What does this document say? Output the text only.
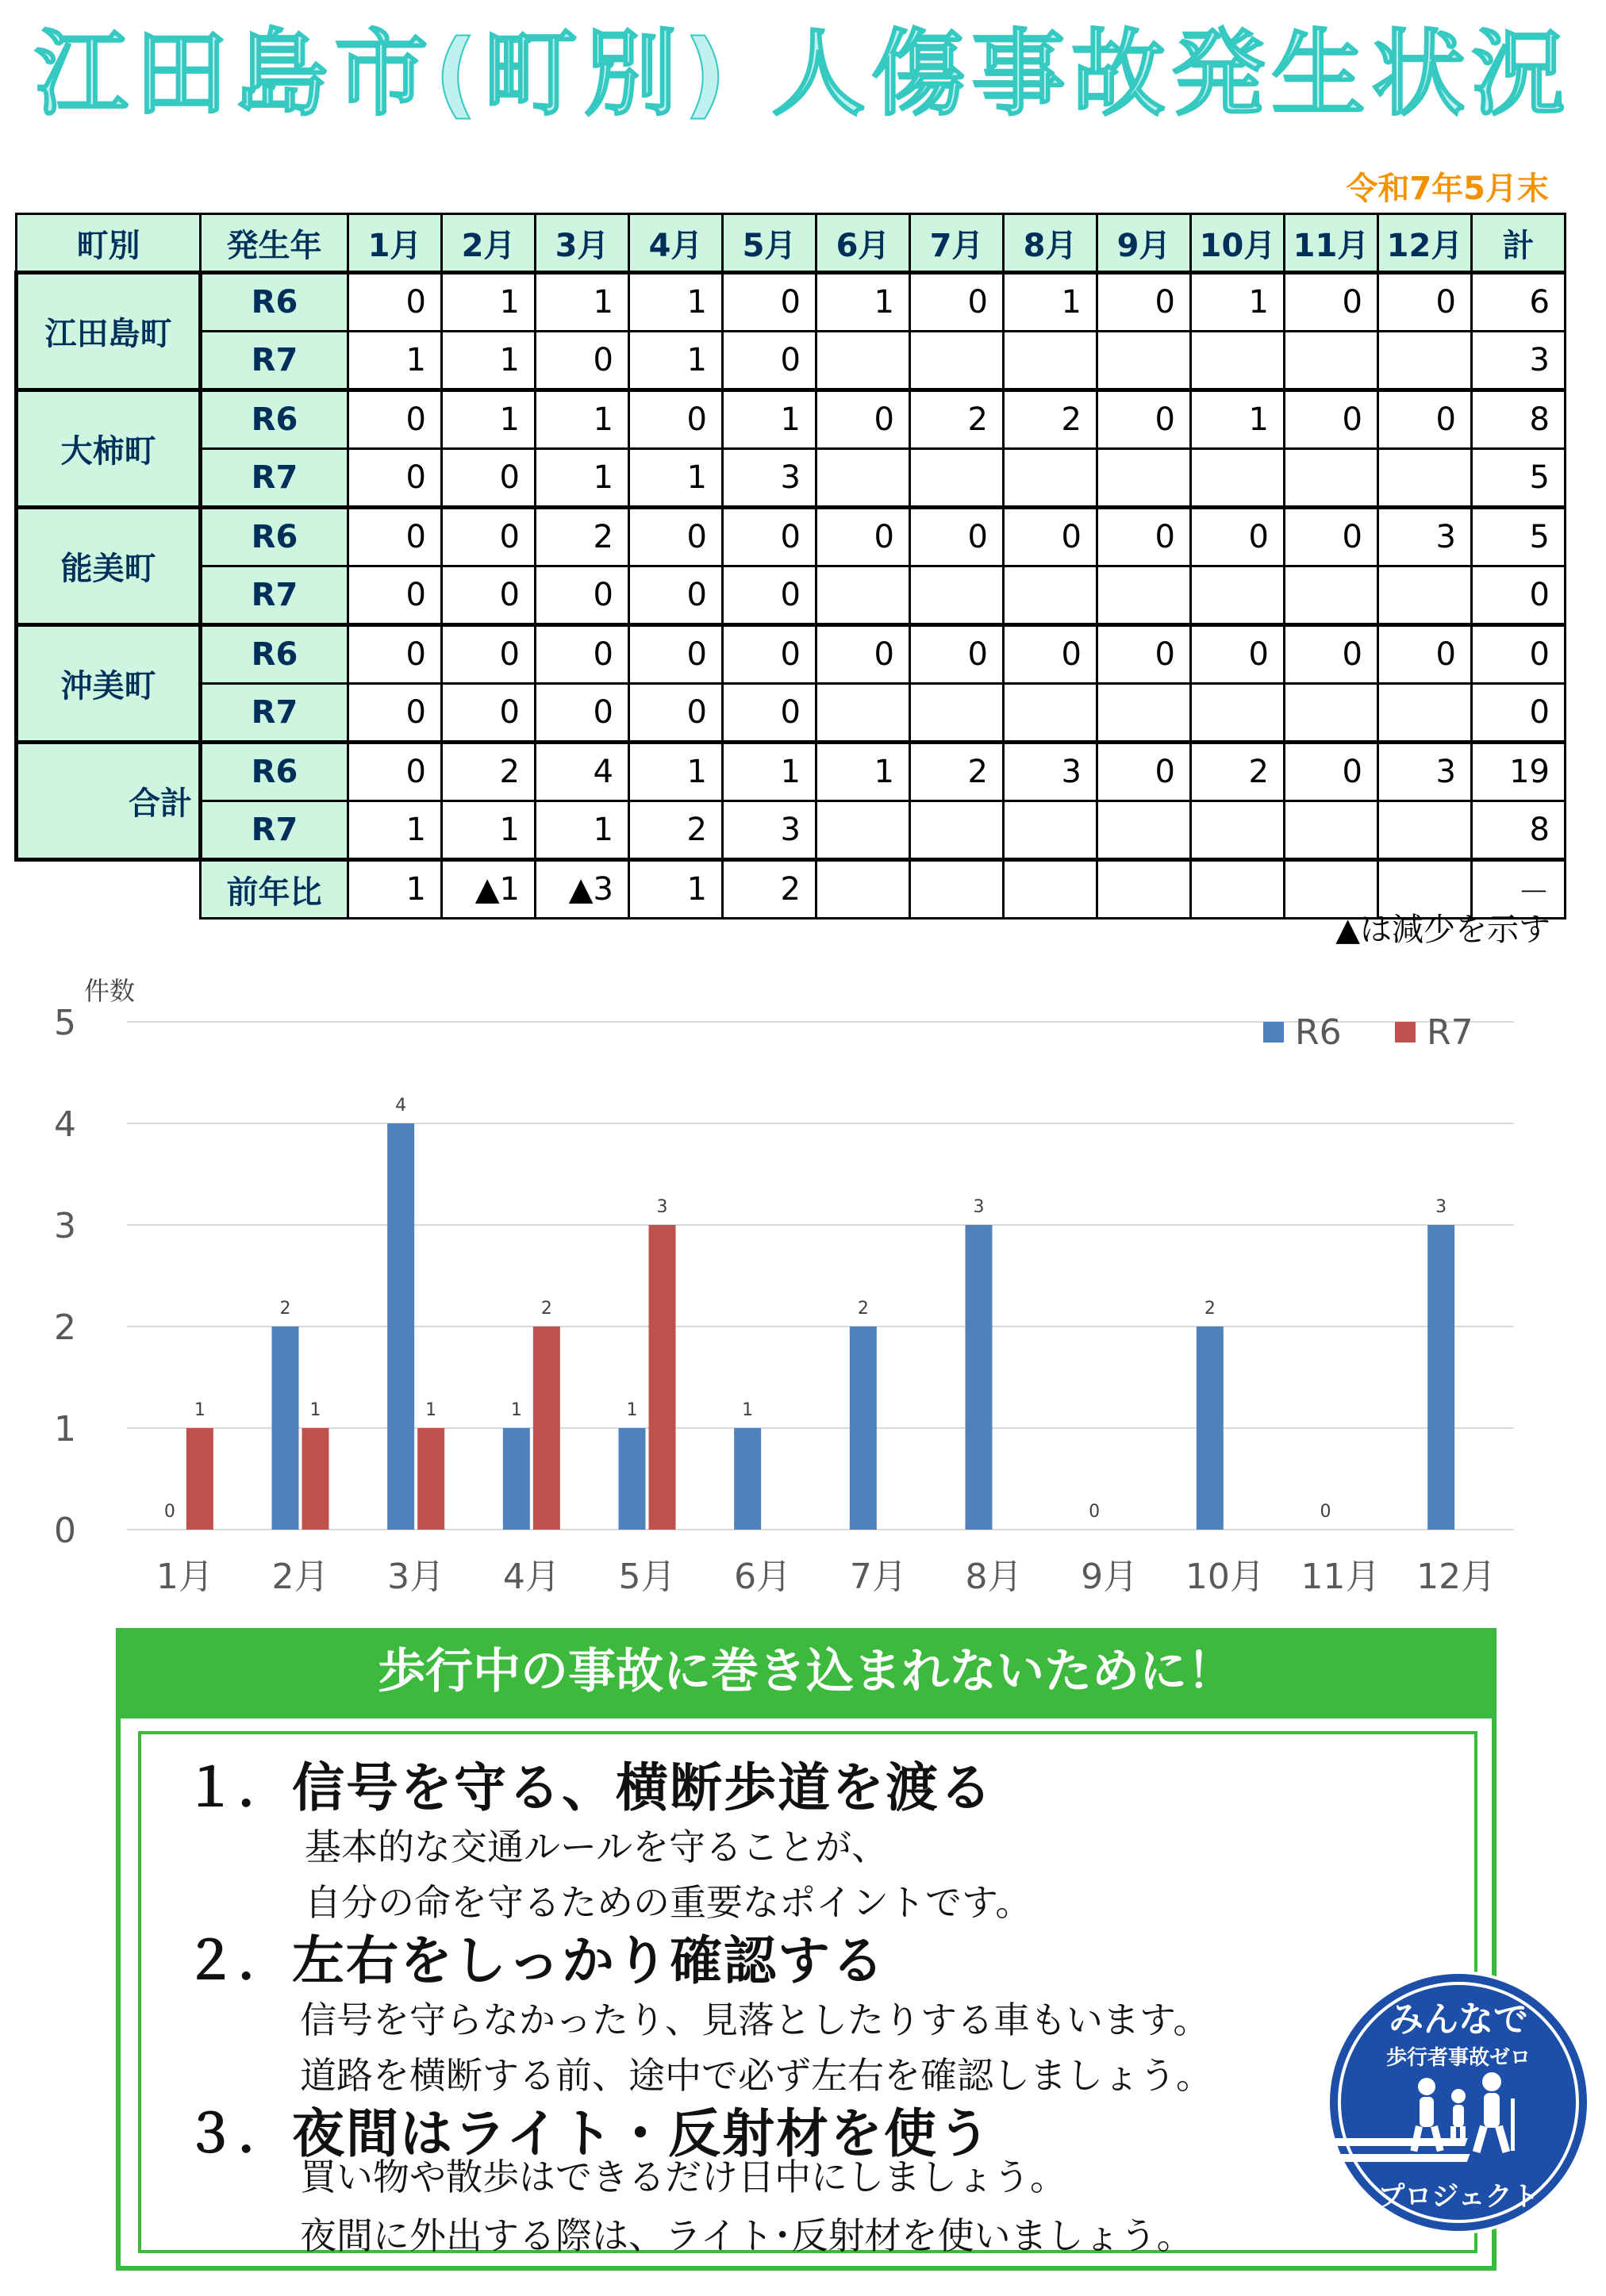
江田島市(町別) 人傷事故発生状況
令和7年5月末
町別	発生年	1月	2月	3月	4月	5月	6月	7月	8月	9月	10月	11月	12月	計
江田島町	R6	0	1	1	1	0	1	0	1	0	1	0	0	6
	R7	1	1	0	1	0								3
大柿町	R6	0	1	1	0	1	0	2	2	0	1	0	0	8
	R7	0	0	1	1	3								5
能美町	R6	0	0	2	0	0	0	0	0	0	0	0	3	5
	R7	0	0	0	0	0								0
沖美町	R6	0	0	0	0	0	0	0	0	0	0	0	0	0
	R7	0	0	0	0	0								0
合計	R6	0	2	4	1	1	1	2	3	0	2	0	3	19
	R7	1	1	1	2	3								8
	前年比	1	▲1	▲3	1	2								－
▲は減少を示す
0
1
2
3
4
5
件数
1月
0
1
2月
2
1
3月
4
1
4月
1
2
5月
1
3
6月
1
7月
2
8月
3
9月
0
10月
2
11月
0
12月
3
R6 R7
歩行中の事故に巻き込まれないために！
１．信号を守る、横断歩道を渡る
基本的な交通ルールを守ることが、
自分の命を守るための重要なポイントです。
２．左右をしっかり確認する
信号を守らなかったり、見落としたりする車もいます。
道路を横断する前、途中で必ず左右を確認しましょう。
３．夜間はライト・反射材を使う
買い物や散歩はできるだけ日中にしましょう。
夜間に外出する際は、ライト･反射材を使いましょう。
みんなで
歩行者事故ゼロ
プロジェクト
